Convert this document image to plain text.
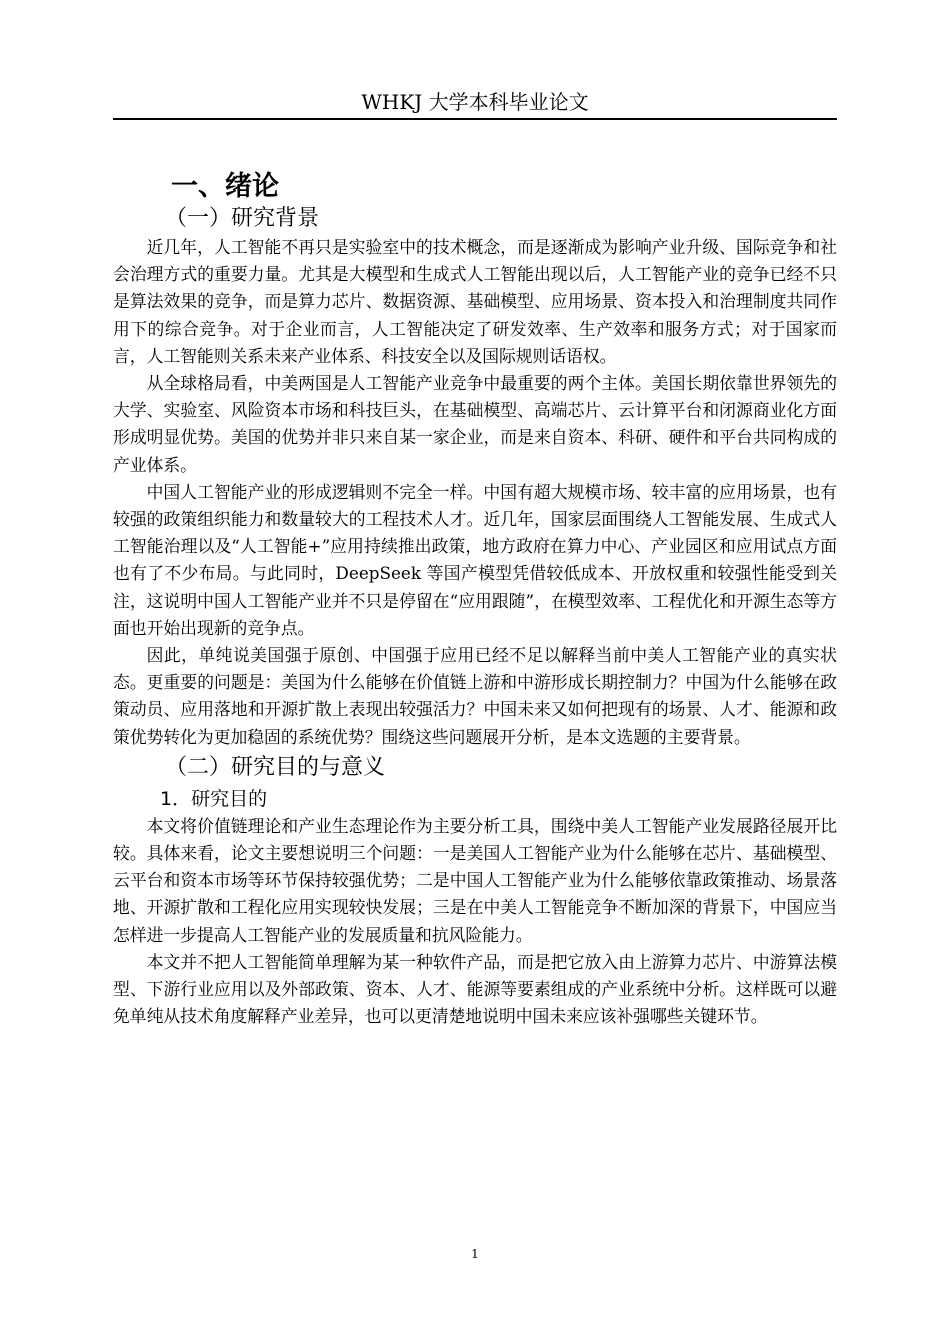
WHKJ 大学本科毕业论文
一、绪论
（一）研究背景

近几年，人工智能不再只是实验室中的技术概念，而是逐渐成为影响产业升级、国际竞争和社会治理方式的重要力量。尤其是大模型和生成式人工智能出现以后，人工智能产业的竞争已经不只是算法效果的竞争，而是算力芯片、数据资源、基础模型、应用场景、资本投入和治理制度共同作用下的综合竞争。对于企业而言，人工智能决定了研发效率、生产效率和服务方式；对于国家而言，人工智能则关系未来产业体系、科技安全以及国际规则话语权。

从全球格局看，中美两国是人工智能产业竞争中最重要的两个主体。美国长期依靠世界领先的大学、实验室、风险资本市场和科技巨头，在基础模型、高端芯片、云计算平台和闭源商业化方面形成明显优势。美国的优势并非只来自某一家企业，而是来自资本、科研、硬件和平台共同构成的产业体系。

中国人工智能产业的形成逻辑则不完全一样。中国有超大规模市场、较丰富的应用场景，也有较强的政策组织能力和数量较大的工程技术人才。近几年，国家层面围绕人工智能发展、生成式人工智能治理以及“人工智能+”应用持续推出政策，地方政府在算力中心、产业园区和应用试点方面也有了不少布局。与此同时，DeepSeek 等国产模型凭借较低成本、开放权重和较强性能受到关注，这说明中国人工智能产业并不只是停留在“应用跟随”，在模型效率、工程优化和开源生态等方面也开始出现新的竞争点。

因此，单纯说美国强于原创、中国强于应用已经不足以解释当前中美人工智能产业的真实状态。更重要的问题是：美国为什么能够在价值链上游和中游形成长期控制力？中国为什么能够在政策动员、应用落地和开源扩散上表现出较强活力？中国未来又如何把现有的场景、人才、能源和政策优势转化为更加稳固的系统优势？围绕这些问题展开分析，是本文选题的主要背景。

（二）研究目的与意义
1．研究目的

本文将价值链理论和产业生态理论作为主要分析工具，围绕中美人工智能产业发展路径展开比较。具体来看，论文主要想说明三个问题：一是美国人工智能产业为什么能够在芯片、基础模型、云平台和资本市场等环节保持较强优势；二是中国人工智能产业为什么能够依靠政策推动、场景落地、开源扩散和工程化应用实现较快发展；三是在中美人工智能竞争不断加深的背景下，中国应当怎样进一步提高人工智能产业的发展质量和抗风险能力。

本文并不把人工智能简单理解为某一种软件产品，而是把它放入由上游算力芯片、中游算法模型、下游行业应用以及外部政策、资本、人才、能源等要素组成的产业系统中分析。这样既可以避免单纯从技术角度解释产业差异，也可以更清楚地说明中国未来应该补强哪些关键环节。

1
